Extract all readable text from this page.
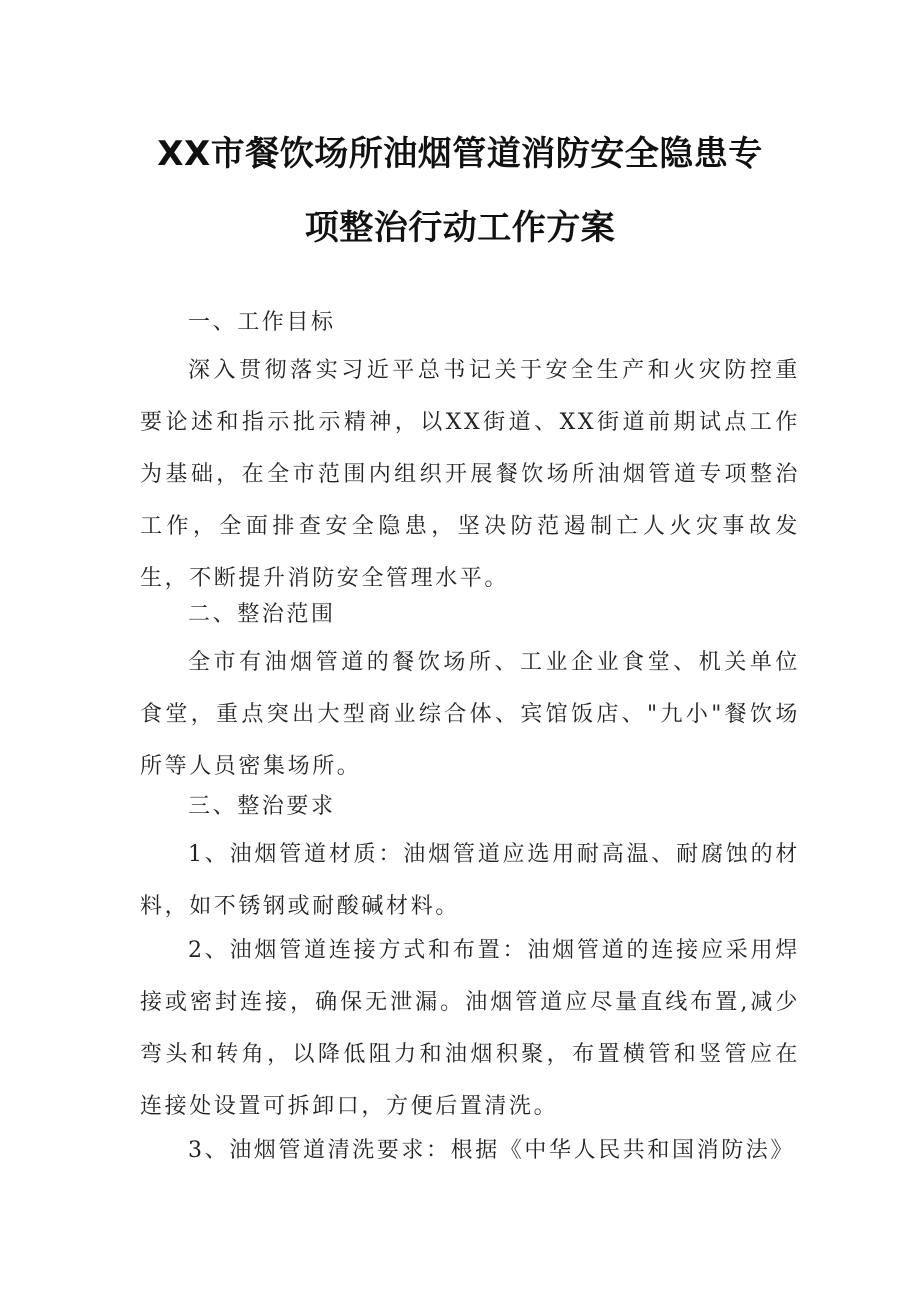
XX市餐饮场所油烟管道消防安全隐患专
项整治行动工作方案

一、工作目标

深入贯彻落实习近平总书记关于安全生产和火灾防控重要论述和指示批示精神，以XX街道、XX街道前期试点工作为基础，在全市范围内组织开展餐饮场所油烟管道专项整治工作，全面排查安全隐患，坚决防范遏制亡人火灾事故发生，不断提升消防安全管理水平。

二、整治范围

全市有油烟管道的餐饮场所、工业企业食堂、机关单位食堂，重点突出大型商业综合体、宾馆饭店、"九小"餐饮场所等人员密集场所。

三、整治要求

1、油烟管道材质：油烟管道应选用耐高温、耐腐蚀的材料，如不锈钢或耐酸碱材料。

2、油烟管道连接方式和布置：油烟管道的连接应采用焊接或密封连接，确保无泄漏。油烟管道应尽量直线布置,减少弯头和转角，以降低阻力和油烟积聚，布置横管和竖管应在连接处设置可拆卸口，方便后置清洗。

3、油烟管道清洗要求：根据《中华人民共和国消防法》
